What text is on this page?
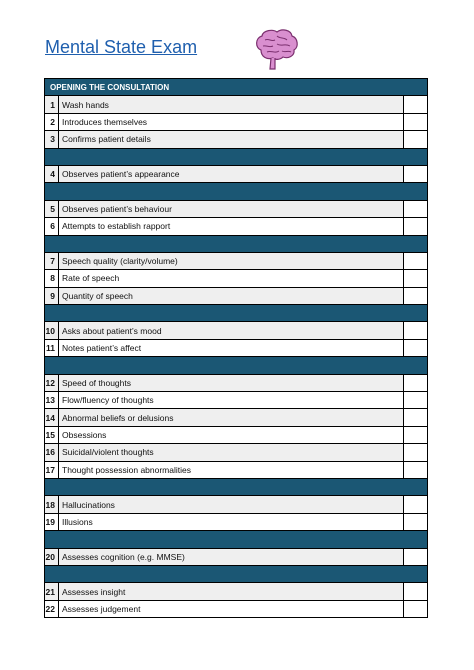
Mental State Exam
OPENING THE CONSULTATION		
1	Wash hands	
2	Introduces themselves	
3	Confirms patient details	

4	Observes patient’s appearance	

5	Observes patient’s behaviour	
6	Attempts to establish rapport	

7	Speech quality (clarity/volume)	
8	Rate of speech	
9	Quantity of speech	

10	Asks about patient’s mood	
11	Notes patient’s affect	

12	Speed of thoughts	
13	Flow/fluency of thoughts	
14	Abnormal beliefs or delusions	
15	Obsessions	
16	Suicidal/violent thoughts	
17	Thought possession abnormalities	

18	Hallucinations	
19	Illusions	

20	Assesses cognition (e.g. MMSE)	

21	Assesses insight	
22	Assesses judgement	
